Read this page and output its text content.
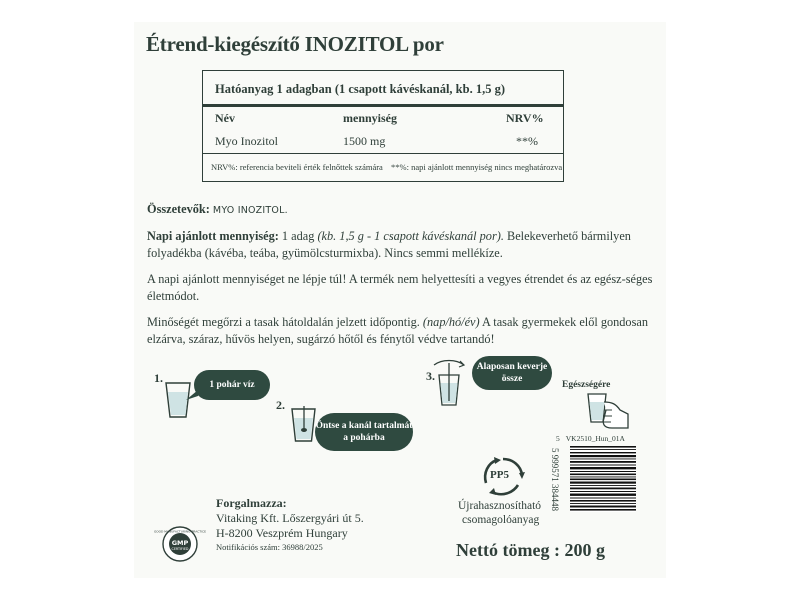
Étrend-kiegészítő INOZITOL por
Hatóanyag 1 adagban (1 csapott kávéskanál, kb. 1,5 g)
Név	mennyiség	NRV%
Myo Inozitol	1500 mg	**%
NRV%: referencia beviteli érték felnőttek számára **%: napi ajánlott mennyiség nincs meghatározva
Összetevők: MYO INOZITOL.
Napi ajánlott mennyiség: 1 adag (kb. 1,5 g - 1 csapott kávéskanál por). Belekeverhető bármilyen folyadékba (kávéba, teába, gyümölcsturmixba). Nincs semmi mellékíze.
A napi ajánlott mennyiséget ne lépje túl! A termék nem helyettesíti a vegyes étrendet és az egész-séges életmódot.
Minőségét megőrzi a tasak hátoldalán jelzett időpontig. (nap/hó/év) A tasak gyermekek elől gondosan elzárva, száraz, hűvös helyen, sugárzó hőtől és fénytől védve tartandó!
1.	1 pohár víz
2.
Öntse a kanál tartalmát a pohárba
3.
Alaposan keverje össze
Egészségére
5 VK2510_Hun_01A
5 999571 384448
PP5
Újrahasznosítható
csomagolóanyag
GOOD MANUFACTURING PRACTICE
GMP
CERTIFIED
Forgalmazza:
Vitaking Kft. Lőszergyári út 5.
H-8200 Veszprém Hungary
Notifikációs szám: 36988/2025	Nettó tömeg : 200 g
